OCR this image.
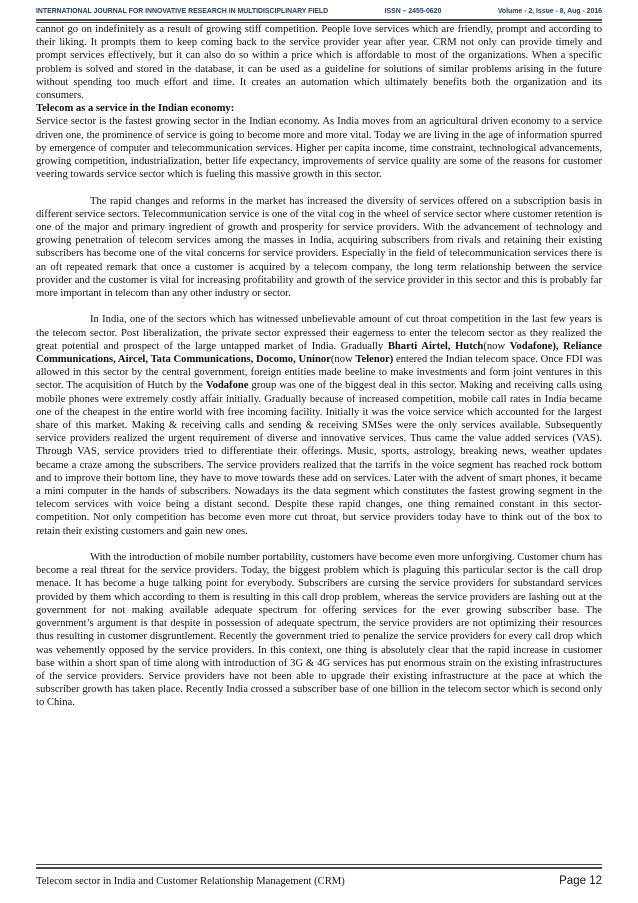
INTERNATIONAL JOURNAL FOR INNOVATIVE RESEARCH IN MULTIDISCIPLINARY FIELD	ISSN – 2455-0620	Volume - 2, Issue - 8, Aug - 2016

cannot go on indefinitely as a result of growing stiff competition. People love services which are friendly, prompt and according to their liking. It prompts them to keep coming back to the service provider year after year. CRM not only can provide timely and prompt services effectively, but it can also do so within a price which is affordable to most of the organizations. When a specific problem is solved and stored in the database, it can be used as a guideline for solutions of similar problems arising in the future without spending too much effort and time. It creates an automation which ultimately benefits both the organization and its consumers.

Telecom as a service in the Indian economy:

Service sector is the fastest growing sector in the Indian economy. As India moves from an agricultural driven economy to a service driven one, the prominence of service is going to become more and more vital. Today we are living in the age of information spurred by emergence of computer and telecommunication services. Higher per capita income, time constraint, technological advancements, growing competition, industrialization, better life expectancy, improvements of service quality are some of the reasons for customer veering towards service sector which is fueling this massive growth in this sector.

The rapid changes and reforms in the market has increased the diversity of services offered on a subscription basis in different service sectors. Telecommunication service is one of the vital cog in the wheel of service sector where customer retention is one of the major and primary ingredient of growth and prosperity for service providers. With the advancement of technology and growing penetration of telecom services among the masses in India, acquiring subscribers from rivals and retaining their existing subscribers has become one of the vital concerns for service providers. Especially in the field of telecommunication services there is an oft repeated remark that once a customer is acquired by a telecom company, the long term relationship between the service provider and the customer is vital for increasing profitability and growth of the service provider in this sector and this is probably far more important in telecom than any other industry or sector.

In India, one of the sectors which has witnessed unbelievable amount of cut throat competition in the last few years is the telecom sector. Post liberalization, the private sector expressed their eagerness to enter the telecom sector as they realized the great potential and prospect of the large untapped market of India. Gradually Bharti Airtel, Hutch(now Vodafone), Reliance Communications, Aircel, Tata Communications, Docomo, Uninor(now Telenor) entered the Indian telecom space. Once FDI was allowed in this sector by the central government, foreign entities made beeline to make investments and form joint ventures in this sector. The acquisition of Hutch by the Vodafone group was one of the biggest deal in this sector. Making and receiving calls using mobile phones were extremely costly affair initially. Gradually because of increased competition, mobile call rates in India became one of the cheapest in the entire world with free incoming facility. Initially it was the voice service which accounted for the largest share of this market. Making & receiving calls and sending & receiving SMSes were the only services available. Subsequently service providers realized the urgent requirement of diverse and innovative services. Thus came the value added services (VAS). Through VAS, service providers tried to differentiate their offerings. Music, sports, astrology, breaking news, weather updates became a craze among the subscribers. The service providers realized that the tarrifs in the voice segment has reached rock bottom and to improve their bottom line, they have to move towards these add on services. Later with the advent of smart phones, it became a mini computer in the hands of subscribers. Nowadays its the data segment which constitutes the fastest growing segment in the telecom services with voice being a distant second. Despite these rapid changes, one thing remained constant in this sector- competition. Not only competition has become even more cut throat, but service providers today have to think out of the box to retain their existing customers and gain new ones.

With the introduction of mobile number portability, customers have become even more unforgiving. Customer churn has become a real threat for the service providers. Today, the biggest problem which is plaguing this particular sector is the call drop menace. It has become a huge talking point for everybody. Subscribers are cursing the service providers for substandard services provided by them which according to them is resulting in this call drop problem, whereas the service providers are lashing out at the government for not making available adequate spectrum for offering services for the ever growing subscriber base. The government’s argument is that despite in possession of adequate spectrum, the service providers are not optimizing their resources thus resulting in customer disgruntlement. Recently the government tried to penalize the service providers for every call drop which was vehemently opposed by the service providers. In this context, one thing is absolutely clear that the rapid increase in customer base within a short span of time along with introduction of 3G & 4G services has put enormous strain on the existing infrastructures of the service providers. Service providers have not been able to upgrade their existing infrastructure at the pace at which the subscriber growth has taken place. Recently India crossed a subscriber base of one billion in the telecom sector which is second only to China.

Telecom sector in India and Customer Relationship Management (CRM)	Page 12
